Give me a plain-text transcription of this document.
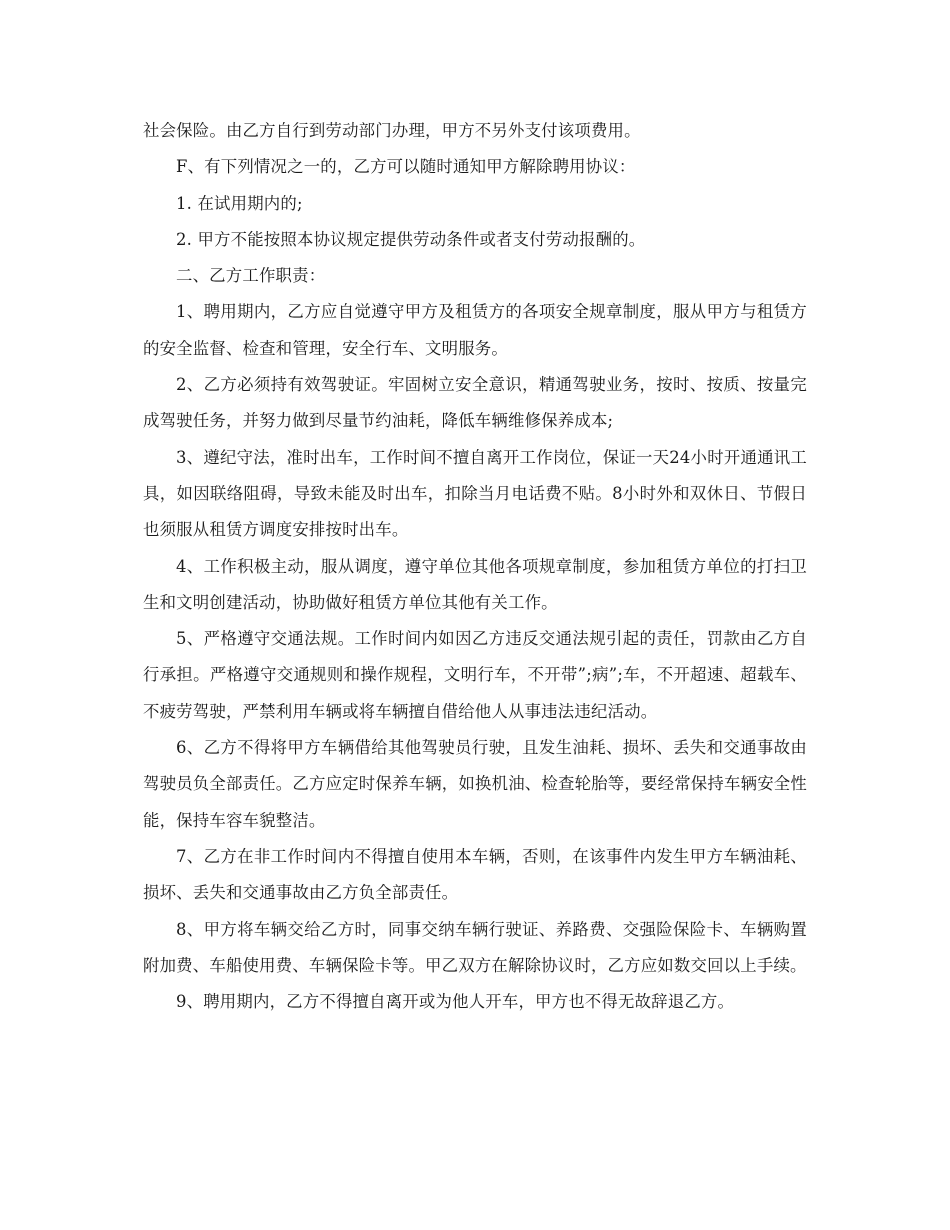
社会保险。由乙方自行到劳动部门办理，甲方不另外支付该项费用。

F、有下列情况之一的，乙方可以随时通知甲方解除聘用协议：

1. 在试用期内的;

2. 甲方不能按照本协议规定提供劳动条件或者支付劳动报酬的。

二、乙方工作职责：

1、聘用期内，乙方应自觉遵守甲方及租赁方的各项安全规章制度，服从甲方与租赁方的安全监督、检查和管理，安全行车、文明服务。

2、乙方必须持有效驾驶证。牢固树立安全意识，精通驾驶业务，按时、按质、按量完成驾驶任务，并努力做到尽量节约油耗，降低车辆维修保养成本;

3、遵纪守法，准时出车，工作时间不擅自离开工作岗位，保证一天24小时开通通讯工具，如因联络阻碍，导致未能及时出车，扣除当月电话费不贴。8小时外和双休日、节假日也须服从租赁方调度安排按时出车。

4、工作积极主动，服从调度，遵守单位其他各项规章制度，参加租赁方单位的打扫卫生和文明创建活动，协助做好租赁方单位其他有关工作。

5、严格遵守交通法规。工作时间内如因乙方违反交通法规引起的责任，罚款由乙方自行承担。严格遵守交通规则和操作规程，文明行车，不开带”;病”;车，不开超速、超载车、不疲劳驾驶，严禁利用车辆或将车辆擅自借给他人从事违法违纪活动。

6、乙方不得将甲方车辆借给其他驾驶员行驶，且发生油耗、损坏、丢失和交通事故由驾驶员负全部责任。乙方应定时保养车辆，如换机油、检查轮胎等，要经常保持车辆安全性能，保持车容车貌整洁。

7、乙方在非工作时间内不得擅自使用本车辆，否则，在该事件内发生甲方车辆油耗、损坏、丢失和交通事故由乙方负全部责任。

8、甲方将车辆交给乙方时，同事交纳车辆行驶证、养路费、交强险保险卡、车辆购置附加费、车船使用费、车辆保险卡等。甲乙双方在解除协议时，乙方应如数交回以上手续。

9、聘用期内，乙方不得擅自离开或为他人开车，甲方也不得无故辞退乙方。
